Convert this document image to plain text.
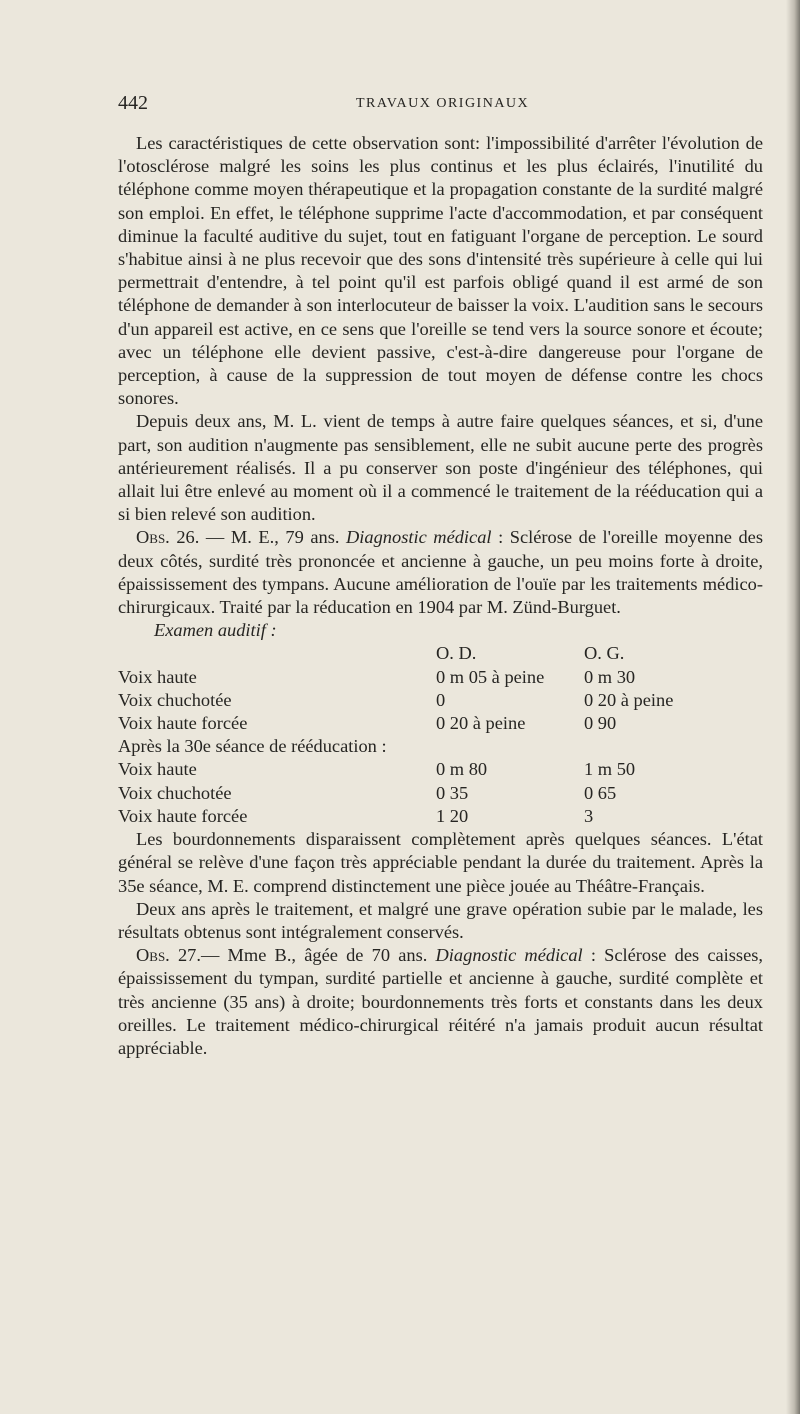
442	TRAVAUX ORIGINAUX

Les caractéristiques de cette observation sont: l'impossibilité d'arrêter l'évolution de l'otosclérose malgré les soins les plus continus et les plus éclairés, l'inutilité du téléphone comme moyen thérapeutique et la propagation constante de la surdité malgré son emploi. En effet, le téléphone supprime l'acte d'accommodation, et par conséquent diminue la faculté auditive du sujet, tout en fatiguant l'organe de perception. Le sourd s'habitue ainsi à ne plus recevoir que des sons d'intensité très supérieure à celle qui lui permettrait d'entendre, à tel point qu'il est parfois obligé quand il est armé de son téléphone de demander à son interlocuteur de baisser la voix. L'audition sans le secours d'un appareil est active, en ce sens que l'oreille se tend vers la source sonore et écoute; avec un téléphone elle devient passive, c'est-à-dire dangereuse pour l'organe de perception, à cause de la suppression de tout moyen de défense contre les chocs sonores.

Depuis deux ans, M. L. vient de temps à autre faire quelques séances, et si, d'une part, son audition n'augmente pas sensiblement, elle ne subit aucune perte des progrès antérieurement réalisés. Il a pu conserver son poste d'ingénieur des téléphones, qui allait lui être enlevé au moment où il a commencé le traitement de la rééducation qui a si bien relevé son audition.

Obs. 26. — M. E., 79 ans. Diagnostic médical : Sclérose de l'oreille moyenne des deux côtés, surdité très prononcée et ancienne à gauche, un peu moins forte à droite, épaississement des tympans. Aucune amélioration de l'ouïe par les traitements médico-chirurgicaux. Traité par la réducation en 1904 par M. Zünd-Burguet.

Examen auditif :

	O. D.	O. G.
Voix haute	0 m 05 à peine	0 m 30
Voix chuchotée	0	0 20 à peine
Voix haute forcée	0 20 à peine	0 90
Après la 30e séance de rééducation :		
Voix haute	0 m 80	1 m 50
Voix chuchotée	0 35	0 65
Voix haute forcée	1 20	3

Les bourdonnements disparaissent complètement après quelques séances. L'état général se relève d'une façon très appréciable pendant la durée du traitement. Après la 35e séance, M. E. comprend distinctement une pièce jouée au Théâtre-Français.

Deux ans après le traitement, et malgré une grave opération subie par le malade, les résultats obtenus sont intégralement conservés.

Obs. 27.— Mme B., âgée de 70 ans. Diagnostic médical : Sclérose des caisses, épaississement du tympan, surdité partielle et ancienne à gauche, surdité complète et très ancienne (35 ans) à droite; bourdonnements très forts et constants dans les deux oreilles. Le traitement médico-chirurgical réitéré n'a jamais produit aucun résultat appréciable.
